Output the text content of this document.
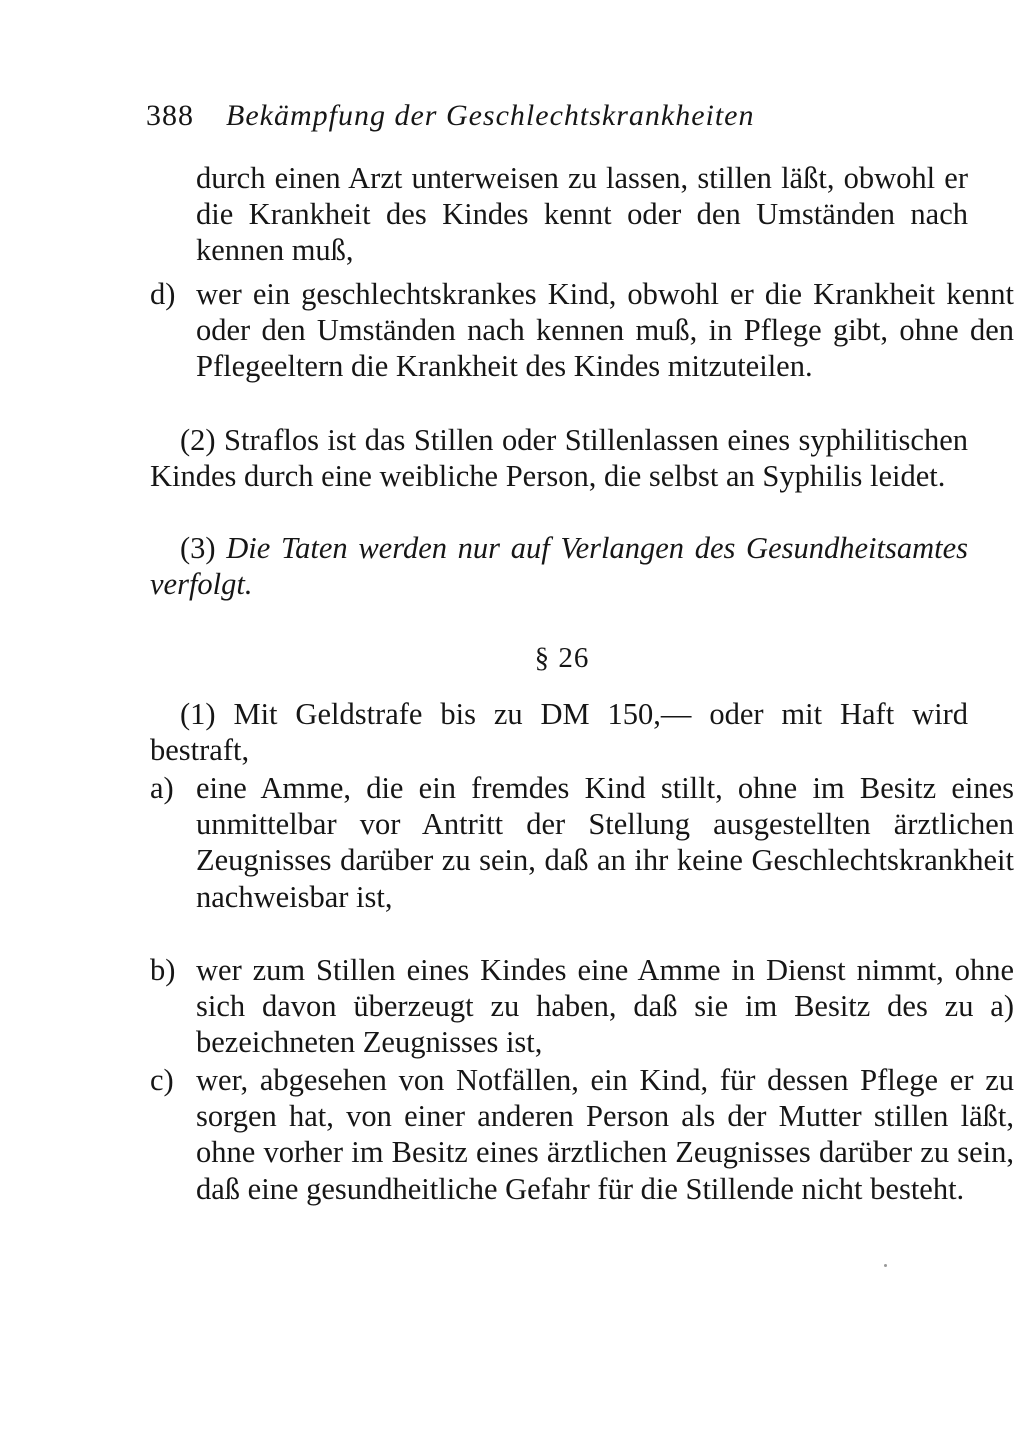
388 Bekämpfung der Geschlechtskrankheiten
durch einen Arzt unterweisen zu lassen, stillen läßt, obwohl er die Krankheit des Kindes kennt oder den Umständen nach kennen muß,
d) wer ein geschlechtskrankes Kind, obwohl er die Krankheit kennt oder den Umständen nach kennen muß, in Pflege gibt, ohne den Pflegeeltern die Krankheit des Kindes mitzuteilen.
(2) Straflos ist das Stillen oder Stillenlassen eines syphilitischen Kindes durch eine weibliche Person, die selbst an Syphilis leidet.
(3) Die Taten werden nur auf Verlangen des Gesundheitsamtes verfolgt.
§ 26
(1) Mit Geldstrafe bis zu DM 150,— oder mit Haft wird bestraft,
a) eine Amme, die ein fremdes Kind stillt, ohne im Besitz eines unmittelbar vor Antritt der Stellung ausgestellten ärztlichen Zeugnisses darüber zu sein, daß an ihr keine Geschlechtskrankheit nachweisbar ist,
b) wer zum Stillen eines Kindes eine Amme in Dienst nimmt, ohne sich davon überzeugt zu haben, daß sie im Besitz des zu a) bezeichneten Zeugnisses ist,
c) wer, abgesehen von Notfällen, ein Kind, für dessen Pflege er zu sorgen hat, von einer anderen Person als der Mutter stillen läßt, ohne vorher im Besitz eines ärztlichen Zeugnisses darüber zu sein, daß eine gesundheitliche Gefahr für die Stillende nicht besteht.
